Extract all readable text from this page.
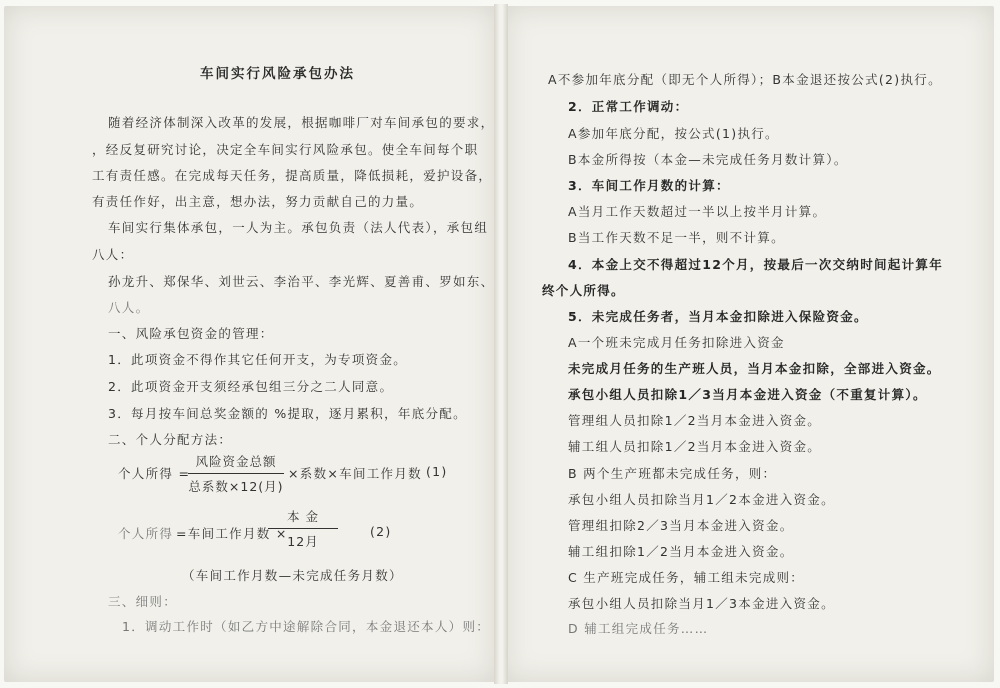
车间实行风险承包办法
随着经济体制深入改革的发展，根据咖啡厂对车间承包的要求，
，经反复研究讨论，决定全车间实行风险承包。使全车间每个职
工有责任感。在完成每天任务，提高质量，降低损耗，爱护设备，
有责任作好，出主意，想办法，努力贡献自己的力量。
车间实行集体承包，一人为主。承包负责（法人代表），承包组
八人：
孙龙升、郑保华、刘世云、李治平、李光辉、夏善甫、罗如东、
八人。
一、风险承包资金的管理：
1．此项资金不得作其它任何开支，为专项资金。
2．此项资金开支须经承包组三分之二人同意。
3．每月按车间总奖金额的 %提取，逐月累积，年底分配。
二、个人分配方法：
个人所得 =
风险资金总额
总系数×12(月)
×系数×车间工作月数 (1)
个人所得 =车间工作月数 ×
本 金
12月
(2)
（车间工作月数—未完成任务月数）
三、细则：
1．调动工作时（如乙方中途解除合同，本金退还本人）则：
A不参加年底分配（即无个人所得）；B本金退还按公式(2)执行。
2．正常工作调动：
A参加年底分配，按公式(1)执行。
B本金所得按（本金—未完成任务月数计算）。
3．车间工作月数的计算：
A当月工作天数超过一半以上按半月计算。
B当工作天数不足一半，则不计算。
4．本金上交不得超过12个月，按最后一次交纳时间起计算年
终个人所得。
5．未完成任务者，当月本金扣除进入保险资金。
A一个班未完成月任务扣除进入资金
未完成月任务的生产班人员，当月本金扣除，全部进入资金。
承包小组人员扣除1／3当月本金进入资金（不重复计算）。
管理组人员扣除1／2当月本金进入资金。
辅工组人员扣除1／2当月本金进入资金。
B 两个生产班都未完成任务，则：
承包小组人员扣除当月1／2本金进入资金。
管理组扣除2／3当月本金进入资金。
辅工组扣除1／2当月本金进入资金。
C 生产班完成任务，辅工组未完成则：
承包小组人员扣除当月1／3本金进入资金。
D 辅工组完成任务……
